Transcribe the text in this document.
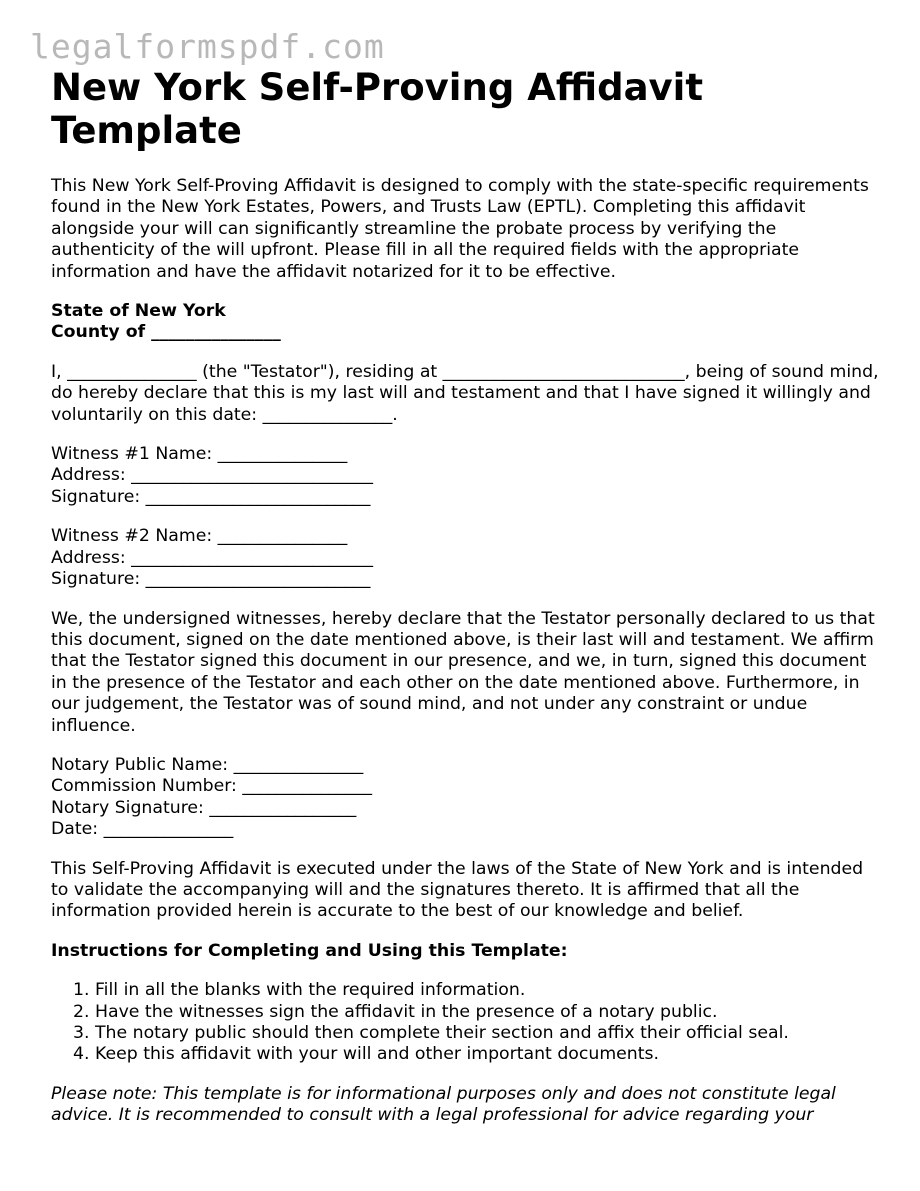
legalformspdf.com
New York Self-Proving Affidavit Template

This New York Self-Proving Affidavit is designed to comply with the state-specific requirements found in the New York Estates, Powers, and Trusts Law (EPTL). Completing this affidavit alongside your will can significantly streamline the probate process by verifying the authenticity of the will upfront. Please fill in all the required fields with the appropriate information and have the affidavit notarized for it to be effective.

State of New York
County of _______________

I, _______________ (the "Testator"), residing at ____________________________, being of sound mind, do hereby declare that this is my last will and testament and that I have signed it willingly and voluntarily on this date: _______________.

Witness #1 Name: _______________
Address: ____________________________
Signature: __________________________

Witness #2 Name: _______________
Address: ____________________________
Signature: __________________________

We, the undersigned witnesses, hereby declare that the Testator personally declared to us that this document, signed on the date mentioned above, is their last will and testament. We affirm that the Testator signed this document in our presence, and we, in turn, signed this document in the presence of the Testator and each other on the date mentioned above. Furthermore, in our judgement, the Testator was of sound mind, and not under any constraint or undue influence.

Notary Public Name: _______________
Commission Number: _______________
Notary Signature: _________________
Date: _______________

This Self-Proving Affidavit is executed under the laws of the State of New York and is intended to validate the accompanying will and the signatures thereto. It is affirmed that all the information provided herein is accurate to the best of our knowledge and belief.

Instructions for Completing and Using this Template:

1. Fill in all the blanks with the required information.
2. Have the witnesses sign the affidavit in the presence of a notary public.
3. The notary public should then complete their section and affix their official seal.
4. Keep this affidavit with your will and other important documents.

Please note: This template is for informational purposes only and does not constitute legal advice. It is recommended to consult with a legal professional for advice regarding your
